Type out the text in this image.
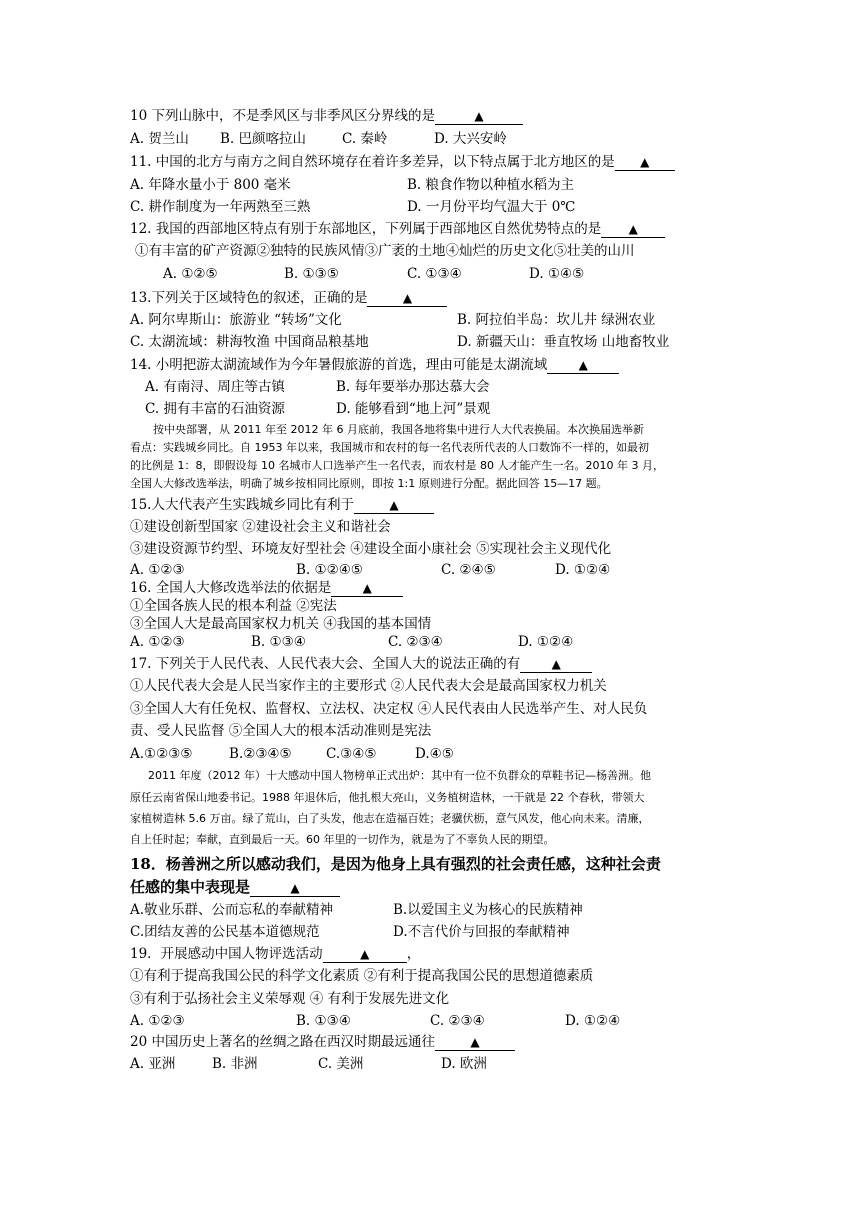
10 下列山脉中，不是季风区与非季风区分界线的是	▲
A. 贺兰山 B. 巴颜喀拉山	C. 秦岭	D. 大兴安岭
11. 中国的北方与南方之间自然环境存在着许多差异，以下特点属于北方地区的是 ▲
A. 年降水量小于 800 毫米	B. 粮食作物以种植水稻为主
C. 耕作制度为一年两熟至三熟	D. 一月份平均气温大于 0℃
12. 我国的西部地区特点有别于东部地区，下列属于西部地区自然优势特点的是 ▲
①有丰富的矿产资源②独特的民族风情③广袤的土地④灿烂的历史文化⑤壮美的山川
A. ①②⑤	B. ①③⑤	C. ①③④	D. ①④⑤
13.下列关于区域特色的叙述，正确的是	▲
A. 阿尔卑斯山：旅游业 “转场”文化	B. 阿拉伯半岛：坎儿井 绿洲农业
C. 太湖流域：耕海牧渔 中国商品粮基地	D. 新疆天山：垂直牧场 山地畜牧业
14. 小明把游太湖流域作为今年暑假旅游的首选，理由可能是太湖流域	▲
A. 有南浔、周庄等古镇	B. 每年要举办那达慕大会
C. 拥有丰富的石油资源	D. 能够看到“地上河”景观
按中央部署，从 2011 年至 2012 年 6 月底前，我国各地将集中进行人大代表换届。本次换届选举新
看点：实践城乡同比。自 1953 年以来，我国城市和农村的每一名代表所代表的人口数饰不一样的，如最初
的比例是 1：8，即假设每 10 名城市人口选举产生一名代表，而农村是 80 人才能产生一名。2010 年 3 月，
全国人大修改选举法，明确了城乡按相同比原则，即按 1:1 原则进行分配。据此回答 15—17 题。
15.人大代表产生实践城乡同比有利于	▲
①建设创新型国家 ②建设社会主义和谐社会
③建设资源节约型、环境友好型社会 ④建设全面小康社会 ⑤实现社会主义现代化
A. ①②③	B. ①②④⑤	C. ②④⑤	D. ①②④
16. 全国人大修改选举法的依据是	▲
①全国各族人民的根本利益 ②宪法
③全国人大是最高国家权力机关 ④我国的基本国情
A. ①②③	B. ①③④	C. ②③④	D. ①②④
17. 下列关于人民代表、人民代表大会、全国人大的说法正确的有	▲
①人民代表大会是人民当家作主的主要形式 ②人民代表大会是最高国家权力机关
③全国人大有任免权、监督权、立法权、决定权 ④人民代表由人民选举产生、对人民负
责、受人民监督 ⑤全国人大的根本活动准则是宪法
A.①②③⑤	B.②③④⑤	C.③④⑤	D.④⑤
2011 年度（2012 年）十大感动中国人物榜单正式出炉：其中有一位不负群众的草鞋书记—杨善洲。他
原任云南省保山地委书记。1988 年退休后，他扎根大亮山，义务植树造林，一干就是 22 个春秋，带领大
家植树造林 5.6 万亩。绿了荒山，白了头发，他志在造福百姓；老骥伏枥，意气风发，他心向未来。清廉，
自上任时起；奉献，直到最后一天。60 年里的一切作为，就是为了不辜负人民的期望。
18．杨善洲之所以感动我们，是因为他身上具有强烈的社会责任感，这种社会责
任感的集中表现是	▲
A.敬业乐群、公而忘私的奉献精神	B.以爱国主义为核心的民族精神
C.团结友善的公民基本道德规范	D.不言代价与回报的奉献精神
19．开展感动中国人物评选活动	▲	，
①有利于提高我国公民的科学文化素质 ②有利于提高我国公民的思想道德素质
③有利于弘扬社会主义荣辱观 ④ 有利于发展先进文化
A. ①②③	B. ①③④	C. ②③④	D. ①②④
20 中国历史上著名的丝绸之路在西汉时期最远通往	▲
A. 亚洲	B. 非洲	C. 美洲	D. 欧洲
